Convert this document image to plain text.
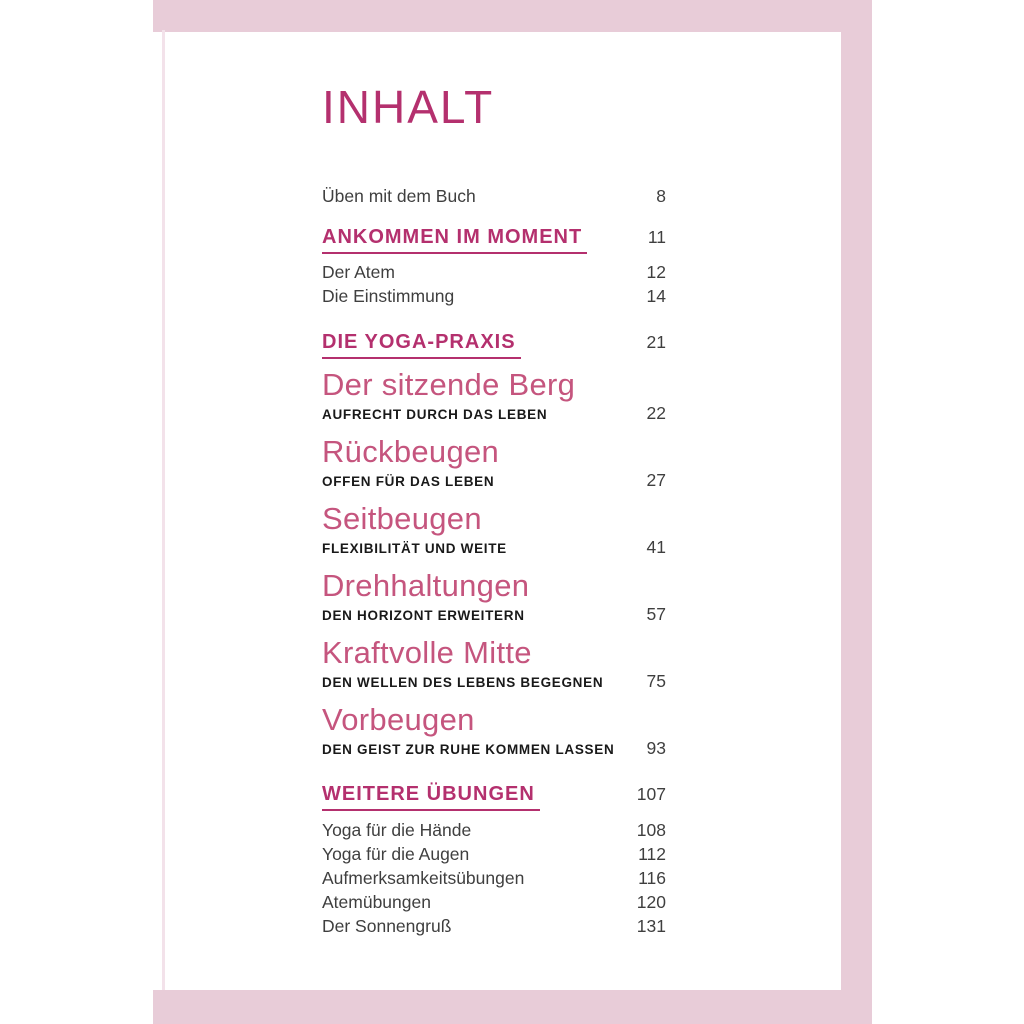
INHALT
Üben mit dem Buch	8
ANKOMMEN IM MOMENT	11
Der Atem	12
Die Einstimmung	14
DIE YOGA-PRAXIS	21
Der sitzende Berg
AUFRECHT DURCH DAS LEBEN	22
Rückbeugen
OFFEN FÜR DAS LEBEN	27
Seitbeugen
FLEXIBILITÄT UND WEITE	41
Drehhaltungen
DEN HORIZONT ERWEITERN	57
Kraftvolle Mitte
DEN WELLEN DES LEBENS BEGEGNEN 75
Vorbeugen
DEN GEIST ZUR RUHE KOMMEN LASSEN 93
WEITERE ÜBUNGEN	107
Yoga für die Hände	108
Yoga für die Augen	112
Aufmerksamkeitsübungen	116
Atemübungen	120
Der Sonnengruß	131
